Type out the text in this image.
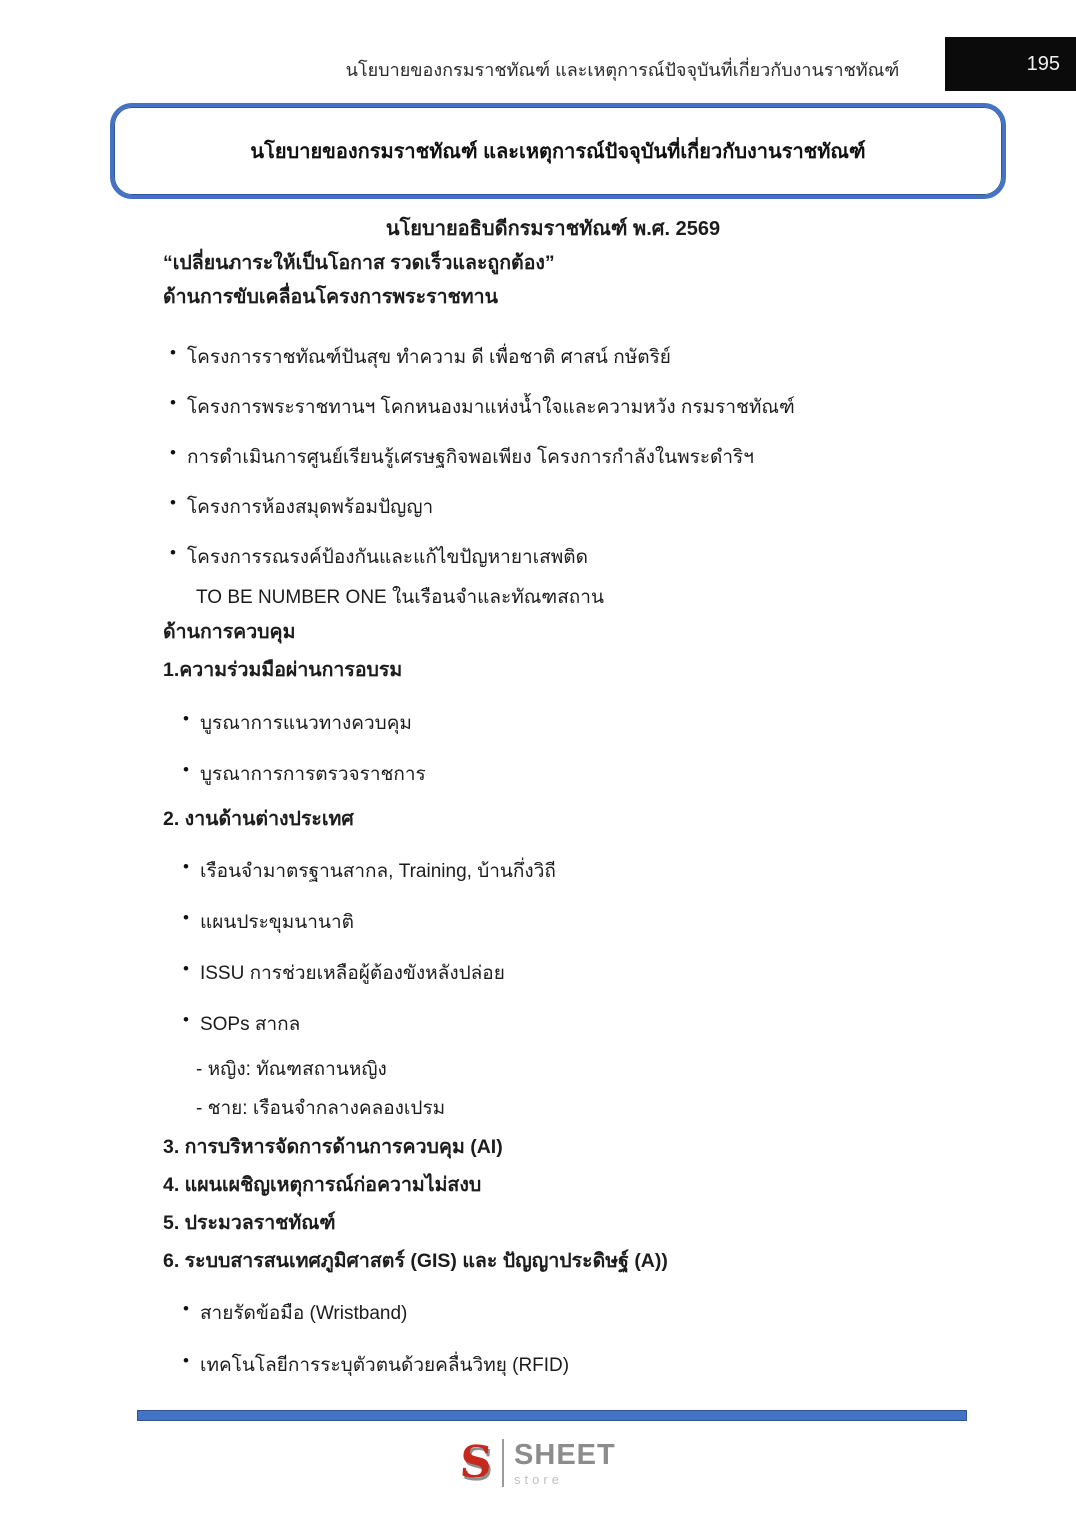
นโยบายของกรมราชทัณฑ์ และเหตุการณ์ปัจจุบันที่เกี่ยวกับงานราชทัณฑ์	195
นโยบายของกรมราชทัณฑ์ และเหตุการณ์ปัจจุบันที่เกี่ยวกับงานราชทัณฑ์
นโยบายอธิบดีกรมราชทัณฑ์ พ.ศ. 2569
“เปลี่ยนภาระให้เป็นโอกาส รวดเร็วและถูกต้อง”
ด้านการขับเคลื่อนโครงการพระราชทาน
• โครงการราชทัณฑ์ปันสุข ทำความ ดี เพื่อชาติ ศาสน์ กษัตริย์
• โครงการพระราชทานฯ โคกหนองมาแห่งน้ำใจและความหวัง กรมราชทัณฑ์
• การดำเมินการศูนย์เรียนรู้เศรษฐกิจพอเพียง โครงการกำลังในพระดำริฯ
• โครงการห้องสมุดพร้อมปัญญา
• โครงการรณรงค์ป้องกันและแก้ไขปัญหายาเสพติด
TO BE NUMBER ONE ในเรือนจำและทัณฑสถาน
ด้านการควบคุม
1.ความร่วมมือผ่านการอบรม
• บูรณาการแนวทางควบคุม
• บูรณาการการตรวจราชการ
2. งานด้านต่างประเทศ
• เรือนจำมาตรฐานสากล, Training, บ้านกึ่งวิถี
• แผนประขุมนานาติ
• ISSU การช่วยเหลือผู้ต้องขังหลังปล่อย
• SOPs สากล
- หญิง: ทัณฑสถานหญิง
- ชาย: เรือนจำกลางคลองเปรม
3. การบริหารจัดการด้านการควบคุม (AI)
4. แผนเผชิญเหตุการณ์ก่อความไม่สงบ
5. ประมวลราชทัณฑ์
6. ระบบสารสนเทศภูมิศาสตร์ (GIS) และ ปัญญาประดิษฐ์ (A))
• สายรัดข้อมือ (Wristband)
• เทคโนโลยีการระบุตัวตนด้วยคลื่นวิทยุ (RFID)
S SHEET
store
